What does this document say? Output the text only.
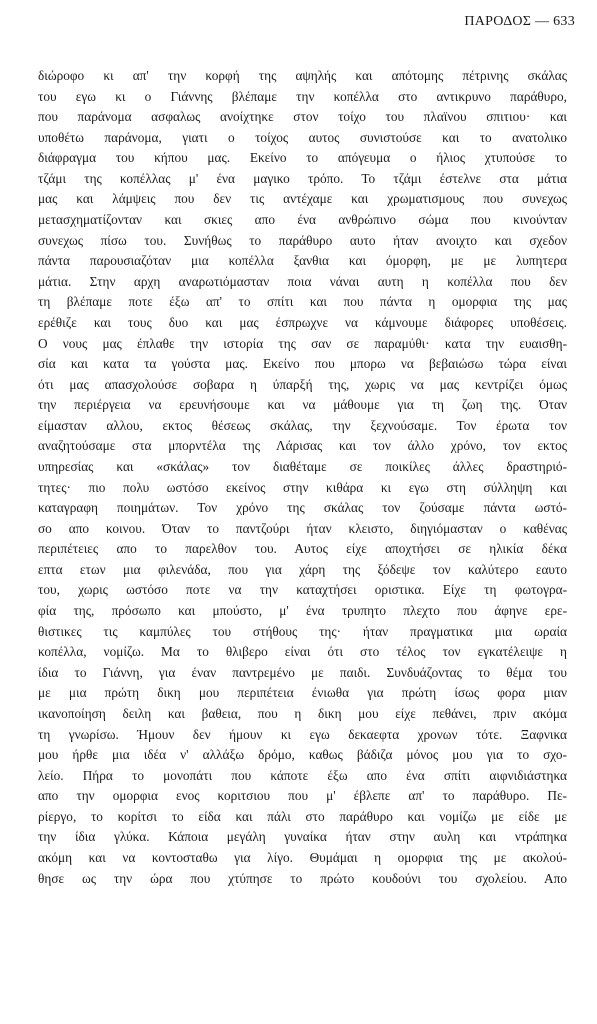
ΠΑΡΟΔΟΣ — 633
διώροφο κι απ' την κορφή της αψηλής και απότομης πέτρινης σκάλας
του εγω κι ο Γιάννης βλέπαμε την κοπέλλα στο αντικρυνο παράθυρο,
που παράνομα ασφαλως ανοίχτηκε στον τοίχο του πλαϊνου σπιτιου· και
υποθέτω παράνομα, γιατι ο τοίχος αυτος συνιστούσε και το ανατολικο
διάφραγμα του κήπου μας. Εκείνο το απόγευμα ο ήλιος χτυπούσε το
τζάμι της κοπέλλας μ' ένα μαγικο τρόπο. Το τζάμι έστελνε στα μάτια
μας και λάμψεις που δεν τις αντέχαμε και χρωματισμους που συνεχως
μετασχηματίζονταν και σκιες απο ένα ανθρώπινο σώμα που κινούνταν
συνεχως πίσω του. Συνήθως το παράθυρο αυτο ήταν ανοιχτο και σχεδον
πάντα παρουσιαζόταν μια κοπέλλα ξανθια και όμορφη, με με λυπητερα
μάτια. Στην αρχη αναρωτιόμασταν ποια νάναι αυτη η κοπέλλα που δεν
τη βλέπαμε ποτε έξω απ' το σπίτι και που πάντα η ομορφια της μας
ερέθιζε και τους δυο και μας έσπρωχνε να κάμνουμε διάφορες υποθέσεις.
Ο νους μας έπλαθε την ιστορία της σαν σε παραμύθι· κατα την ευαισθη-
σία και κατα τα γούστα μας. Εκείνο που μπορω να βεβαιώσω τώρα είναι
ότι μας απασχολούσε σοβαρα η ύπαρξή της, χωρις να μας κεντρίζει όμως
την περιέργεια να ερευνήσουμε και να μάθουμε για τη ζωη της. Όταν
είμασταν αλλου, εκτος θέσεως σκάλας, την ξεχνούσαμε. Τον έρωτα τον
αναζητούσαμε στα μπορντέλα της Λάρισας και τον άλλο χρόνο, τον εκτος
υπηρεσίας και «σκάλας» τον διαθέταμε σε ποικίλες άλλες δραστηριό-
τητες· πιο πολυ ωστόσο εκείνος στην κιθάρα κι εγω στη σύλληψη και
καταγραφη ποιημάτων. Τον χρόνο της σκάλας τον ζούσαμε πάντα ωστό-
σο απο κοινου. Όταν το παντζούρι ήταν κλειστο, διηγιόμασταν ο καθένας
περιπέτειες απο το παρελθον του. Αυτος είχε αποχτήσει σε ηλικία δέκα
επτα ετων μια φιλενάδα, που για χάρη της ξόδεψε τον καλύτερο εαυτο
του, χωρις ωστόσο ποτε να την καταχτήσει οριστικα. Είχε τη φωτογρα-
φία της, πρόσωπο και μπούστο, μ' ένα τρυπητο πλεχτο που άφηνε ερε-
θιστικες τις καμπύλες του στήθους της· ήταν πραγματικα μια ωραία
κοπέλλα, νομίζω. Μα το θλιβερο είναι ότι στο τέλος τον εγκατέλειψε η
ίδια το Γιάννη, για έναν παντρεμένο με παιδι. Συνδυάζοντας το θέμα του
με μια πρώτη δικη μου περιπέτεια ένιωθα για πρώτη ίσως φορα μιαν
ικανοποίηση δειλη και βαθεια, που η δικη μου είχε πεθάνει, πριν ακόμα
τη γνωρίσω. Ήμουν δεν ήμουν κι εγω δεκαεφτα χρονων τότε. Ξαφνικα
μου ήρθε μια ιδέα ν' αλλάξω δρόμο, καθως βάδιζα μόνος μου για το σχο-
λείο. Πήρα το μονοπάτι που κάποτε έξω απο ένα σπίτι αιφνιδιάστηκα
απο την ομορφια ενος κοριτσιου που μ' έβλεπε απ' το παράθυρο. Πε-
ρίεργο, το κορίτσι το είδα και πάλι στο παράθυρο και νομίζω με είδε με
την ίδια γλύκα. Κάποια μεγάλη γυναίκα ήταν στην αυλη και ντράπηκα
ακόμη και να κοντοσταθω για λίγο. Θυμάμαι η ομορφια της με ακολού-
θησε ως την ώρα που χτύπησε το πρώτο κουδούνι του σχολείου. Απο
